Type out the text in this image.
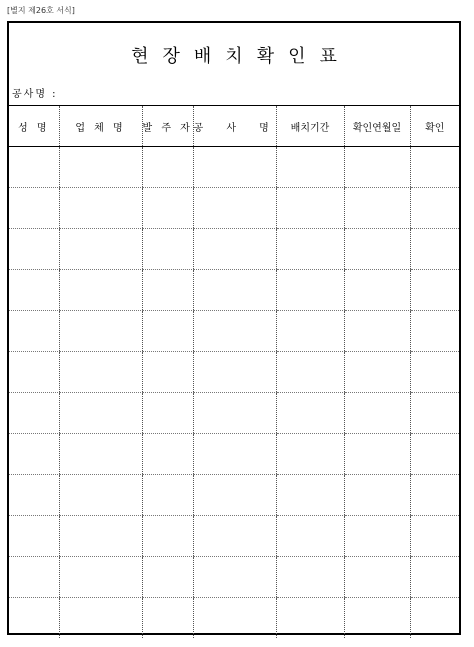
[별지 제26호 서식]
현장배치확인표
공사명 :
성 명	업 체 명	발 주 자	공 사 명	배치기간	확인연월일	확인
